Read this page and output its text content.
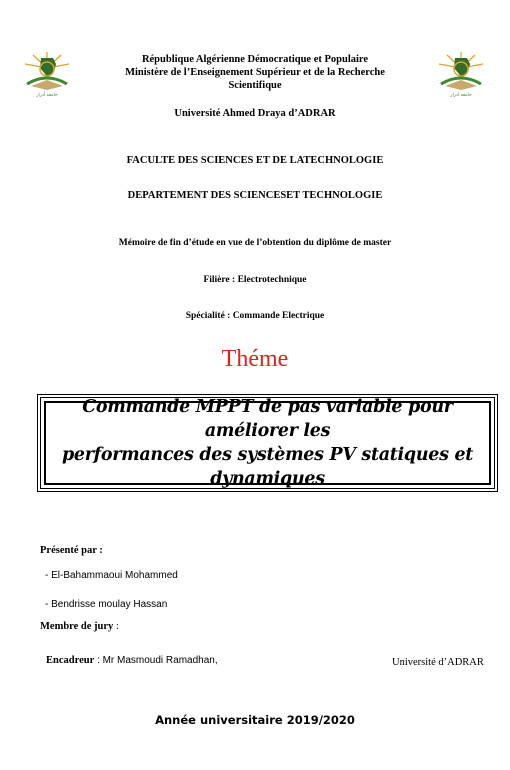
جامعة أدرار	جامعة أدرار
République Algérienne Démocratique et Populaire
Ministère de l’Enseignement Supérieur et de la Recherche
Scientifique
Université Ahmed Draya d’ADRAR
FACULTE DES SCIENCES ET DE LATECHNOLOGIE
DEPARTEMENT DES SCIENCESET TECHNOLOGIE
Mémoire de fin d’étude en vue de l’obtention du diplôme de master
Filière : Electrotechnique
Spécialité : Commande Electrique
Théme
Commande MPPT de pas variable pour améliorer les
performances des systèmes PV statiques et dynamiques
Présenté par :
- El-Bahammaoui Mohammed
- Bendrisse moulay Hassan
Membre de jury :
Encadreur : Mr Masmoudi Ramadhan,	Université d’ADRAR
Année universitaire 2019/2020
